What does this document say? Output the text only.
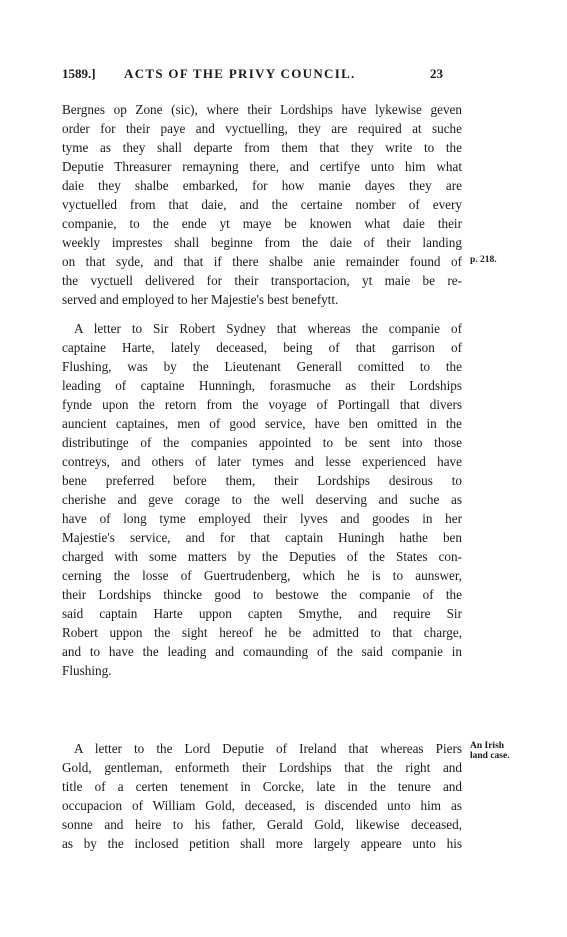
1589.] ACTS OF THE PRIVY COUNCIL.	23
Bergnes op Zone (sic), where their Lordships have lykewise geven
order for their paye and vyctuelling, they are required at suche
tyme as they shall departe from them that they write to the
Deputie Threasurer remayning there, and certifye unto him what
daie they shalbe embarked, for how manie dayes they are
vyctuelled from that daie, and the certaine nomber of every
companie, to the ende yt maye be knowen what daie their
weekly imprestes shall beginne from the daie of their landing
on that syde, and that if there shalbe anie remainder found of
the vyctuell delivered for their transportacion, yt maie be re-
served and employed to her Majestie's best benefytt.
p. 218.
A letter to Sir Robert Sydney that whereas the companie of
captaine Harte, lately deceased, being of that garrison of
Flushing, was by the Lieutenant Generall comitted to the
leading of captaine Hunningh, forasmuche as their Lordships
fynde upon the retorn from the voyage of Portingall that divers
auncient captaines, men of good service, have ben omitted in the
distributinge of the companies appointed to be sent into those
contreys, and others of later tymes and lesse experienced have
bene preferred before them, their Lordships desirous to
cherishe and geve corage to the well deserving and suche as
have of long tyme employed their lyves and goodes in her
Majestie's service, and for that captain Huningh hathe ben
charged with some matters by the Deputies of the States con-
cerning the losse of Guertrudenberg, which he is to aunswer,
their Lordships thincke good to bestowe the companie of the
said captain Harte uppon capten Smythe, and require Sir
Robert uppon the sight hereof he be admitted to that charge,
and to have the leading and comaunding of the said companie in
Flushing.
A letter to the Lord Deputie of Ireland that whereas Piers
Gold, gentleman, enformeth their Lordships that the right and
title of a certen tenement in Corcke, late in the tenure and
occupacion of William Gold, deceased, is discended unto him as
sonne and heire to his father, Gerald Gold, likewise deceased,
as by the inclosed petition shall more largely appeare unto his
An Irish
land case.
